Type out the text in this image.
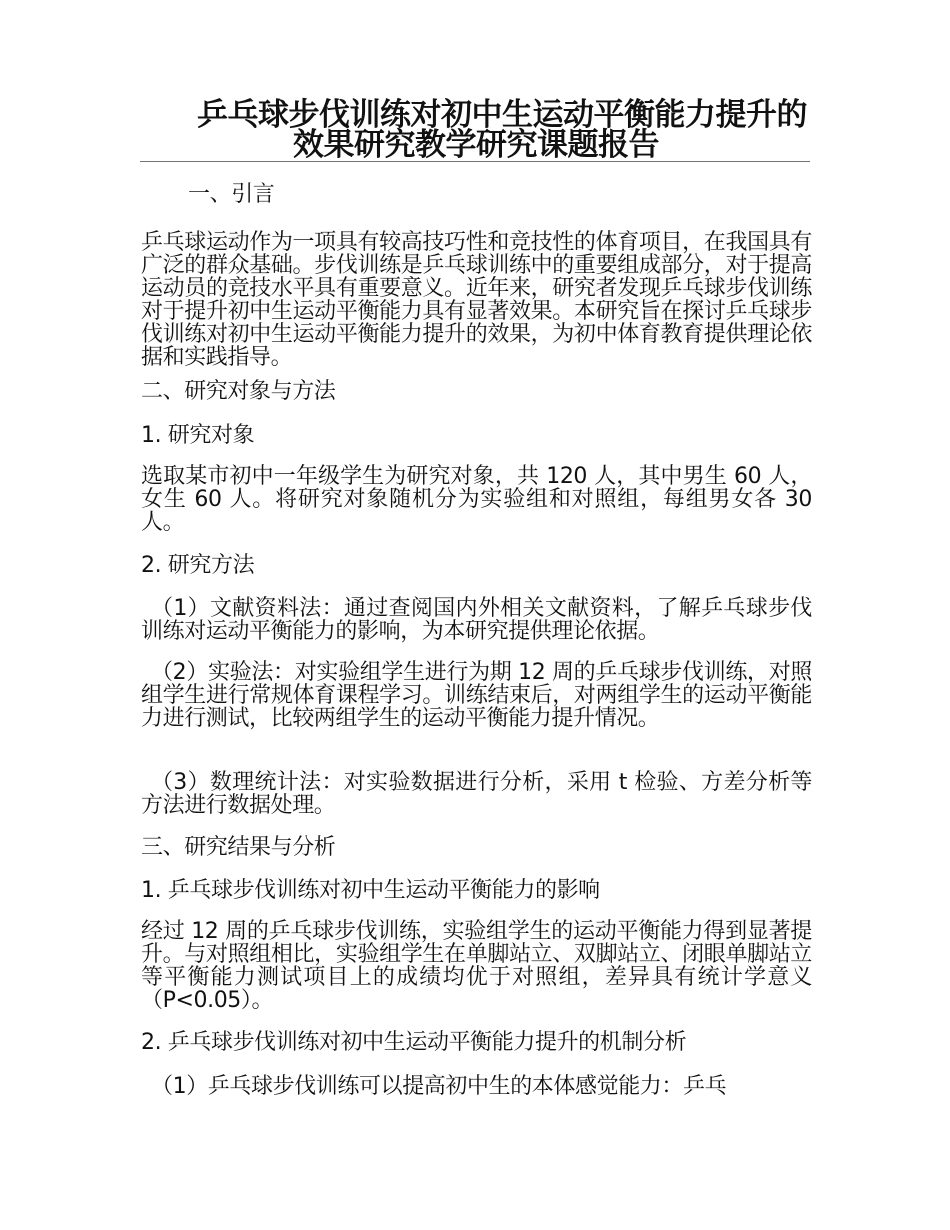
乒乓球步伐训练对初中生运动平衡能力提升的效果研究教学研究课题报告
一、引言

乒乓球运动作为一项具有较高技巧性和竞技性的体育项目，在我国具有广泛的群众基础。步伐训练是乒乓球训练中的重要组成部分，对于提高运动员的竞技水平具有重要意义。近年来，研究者发现乒乓球步伐训练对于提升初中生运动平衡能力具有显著效果。本研究旨在探讨乒乓球步伐训练对初中生运动平衡能力提升的效果，为初中体育教育提供理论依据和实践指导。

二、研究对象与方法
1. 研究对象

选取某市初中一年级学生为研究对象，共 120 人，其中男生 60 人，女生 60 人。将研究对象随机分为实验组和对照组，每组男女各 30 人。

2. 研究方法

（1）文献资料法：通过查阅国内外相关文献资料，了解乒乓球步伐训练对运动平衡能力的影响，为本研究提供理论依据。

（2）实验法：对实验组学生进行为期 12 周的乒乓球步伐训练，对照组学生进行常规体育课程学习。训练结束后，对两组学生的运动平衡能力进行测试，比较两组学生的运动平衡能力提升情况。

（3）数理统计法：对实验数据进行分析，采用 t 检验、方差分析等方法进行数据处理。

三、研究结果与分析
1. 乒乓球步伐训练对初中生运动平衡能力的影响

经过 12 周的乒乓球步伐训练，实验组学生的运动平衡能力得到显著提升。与对照组相比，实验组学生在单脚站立、双脚站立、闭眼单脚站立等平衡能力测试项目上的成绩均优于对照组，差异具有统计学意义（P<0.05）。

2. 乒乓球步伐训练对初中生运动平衡能力提升的机制分析
（1）乒乓球步伐训练可以提高初中生的本体感觉能力：乒乓
